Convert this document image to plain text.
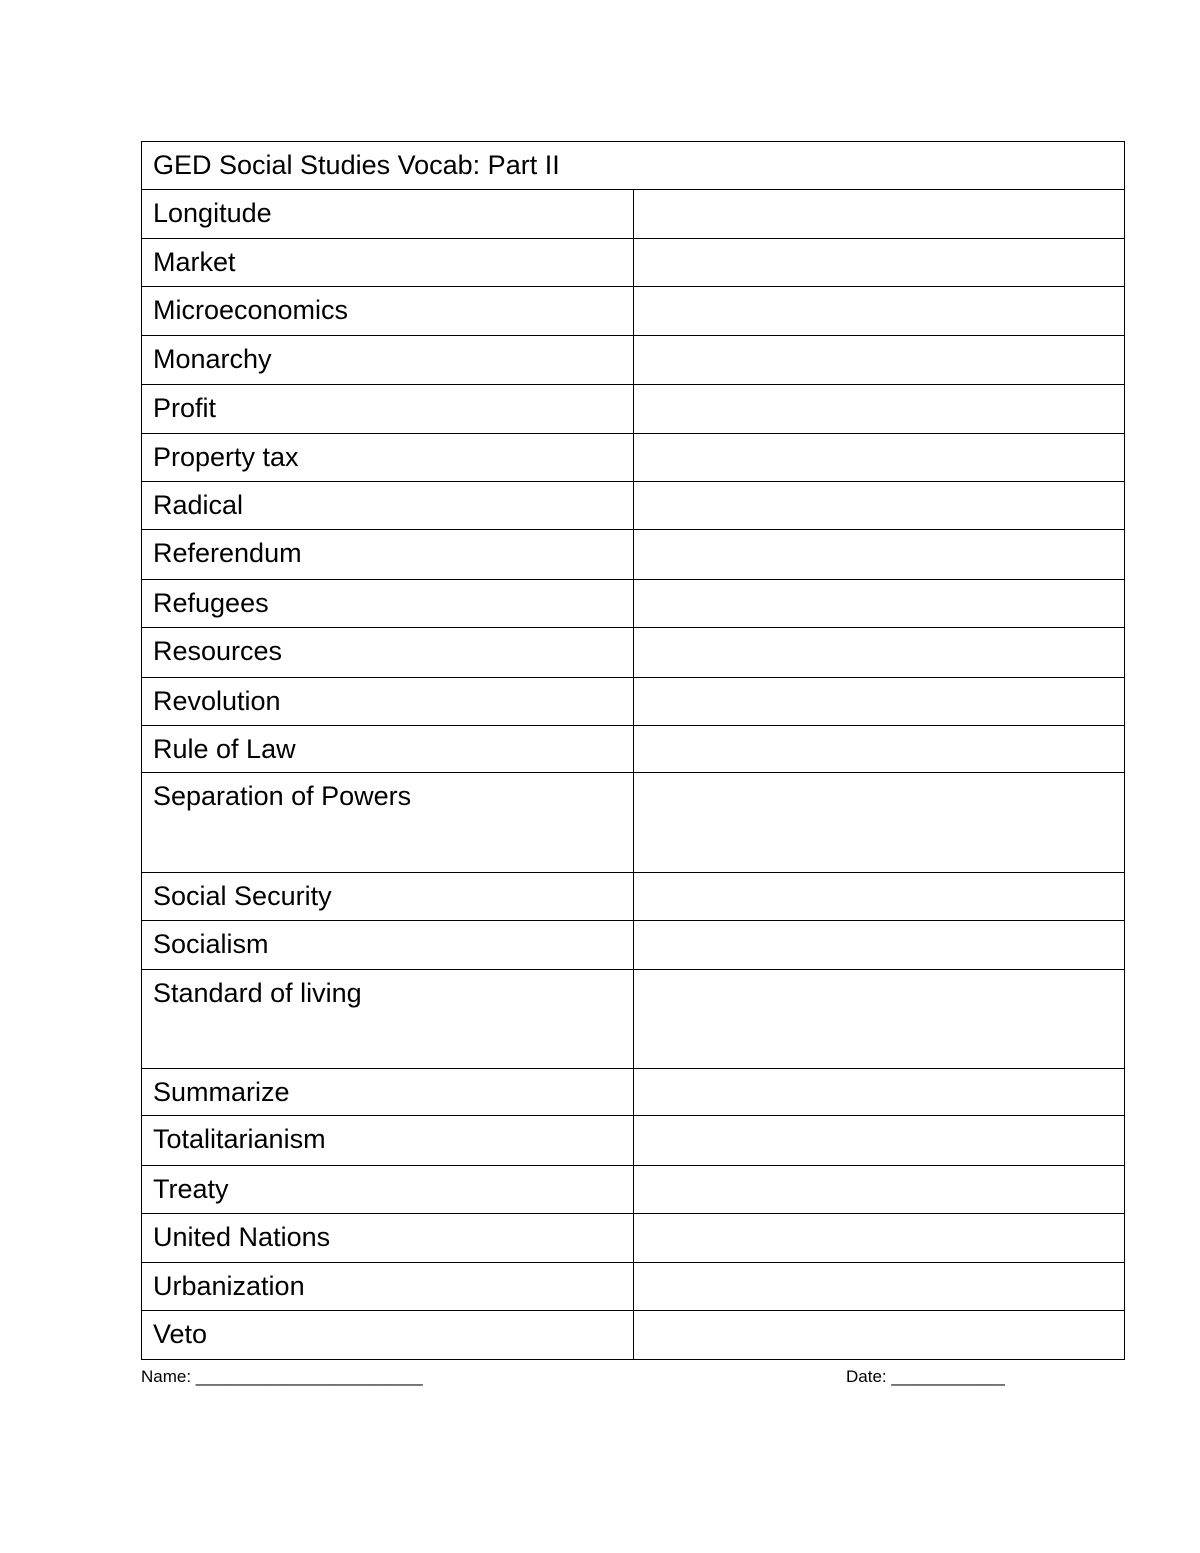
GED Social Studies Vocab: Part II	
Longitude	
Market	
Microeconomics	
Monarchy	
Profit	
Property tax	
Radical	
Referendum	
Refugees	
Resources	
Revolution	
Rule of Law	
Separation of Powers	
Social Security	
Socialism	
Standard of living	
Summarize	
Totalitarianism	
Treaty	
United Nations	
Urbanization	
Veto	
Name: ________________________	Date: ____________
